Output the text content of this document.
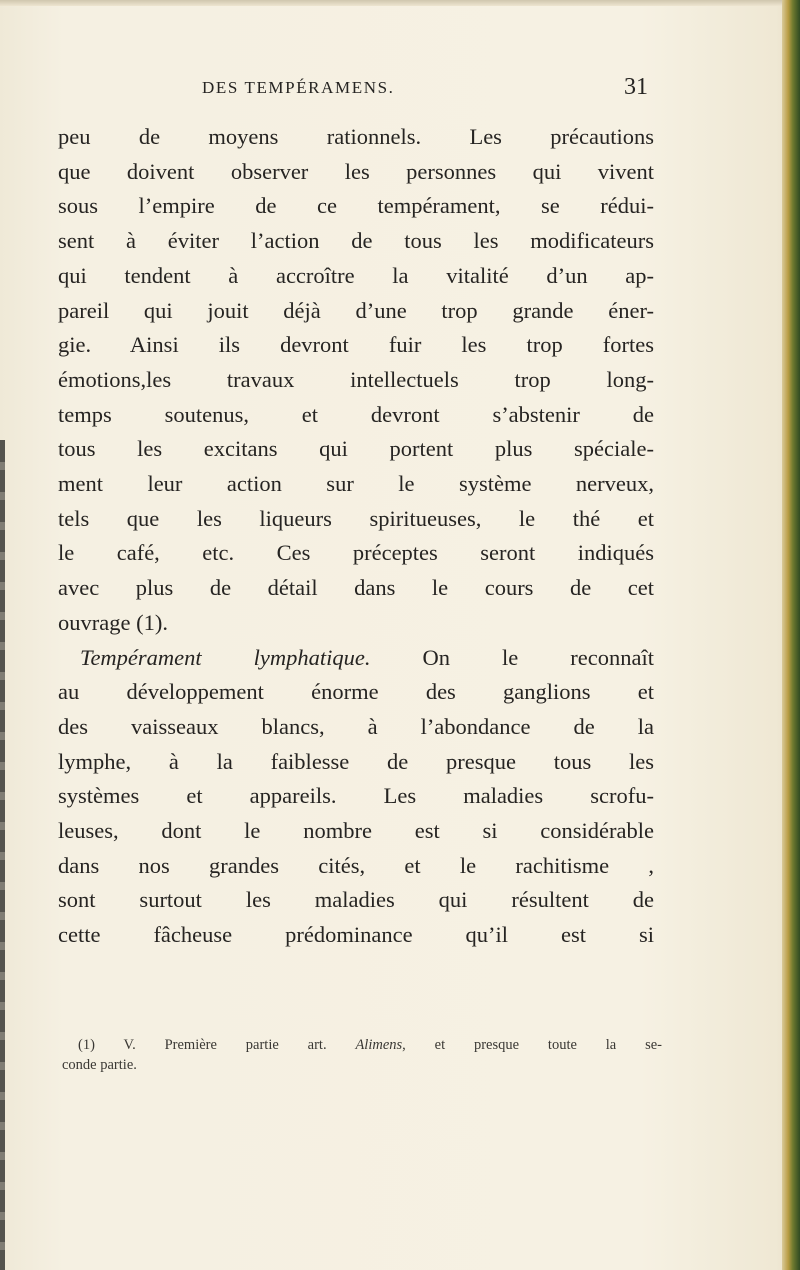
DES TEMPÉRAMENS.	31
peu de moyens rationnels. Les précautions
que doivent observer les personnes qui vivent
sous l’empire de ce tempérament, se rédui-
sent à éviter l’action de tous les modificateurs
qui tendent à accroître la vitalité d’un ap-
pareil qui jouit déjà d’une trop grande éner-
gie. Ainsi ils devront fuir les trop fortes
émotions,les travaux intellectuels trop long-
temps soutenus, et devront s’abstenir de
tous les excitans qui portent plus spéciale-
ment leur action sur le système nerveux,
tels que les liqueurs spiritueuses, le thé et
le café, etc. Ces préceptes seront indiqués
avec plus de détail dans le cours de cet
ouvrage (1).
Tempérament lymphatique. On le reconnaît
au développement énorme des ganglions et
des vaisseaux blancs, à l’abondance de la
lymphe, à la faiblesse de presque tous les
systèmes et appareils. Les maladies scrofu-
leuses, dont le nombre est si considérable
dans nos grandes cités, et le rachitisme ,
sont surtout les maladies qui résultent de
cette fâcheuse prédominance qu’il est si
(1) V. Première partie art. Alimens, et presque toute la se-
conde partie.
